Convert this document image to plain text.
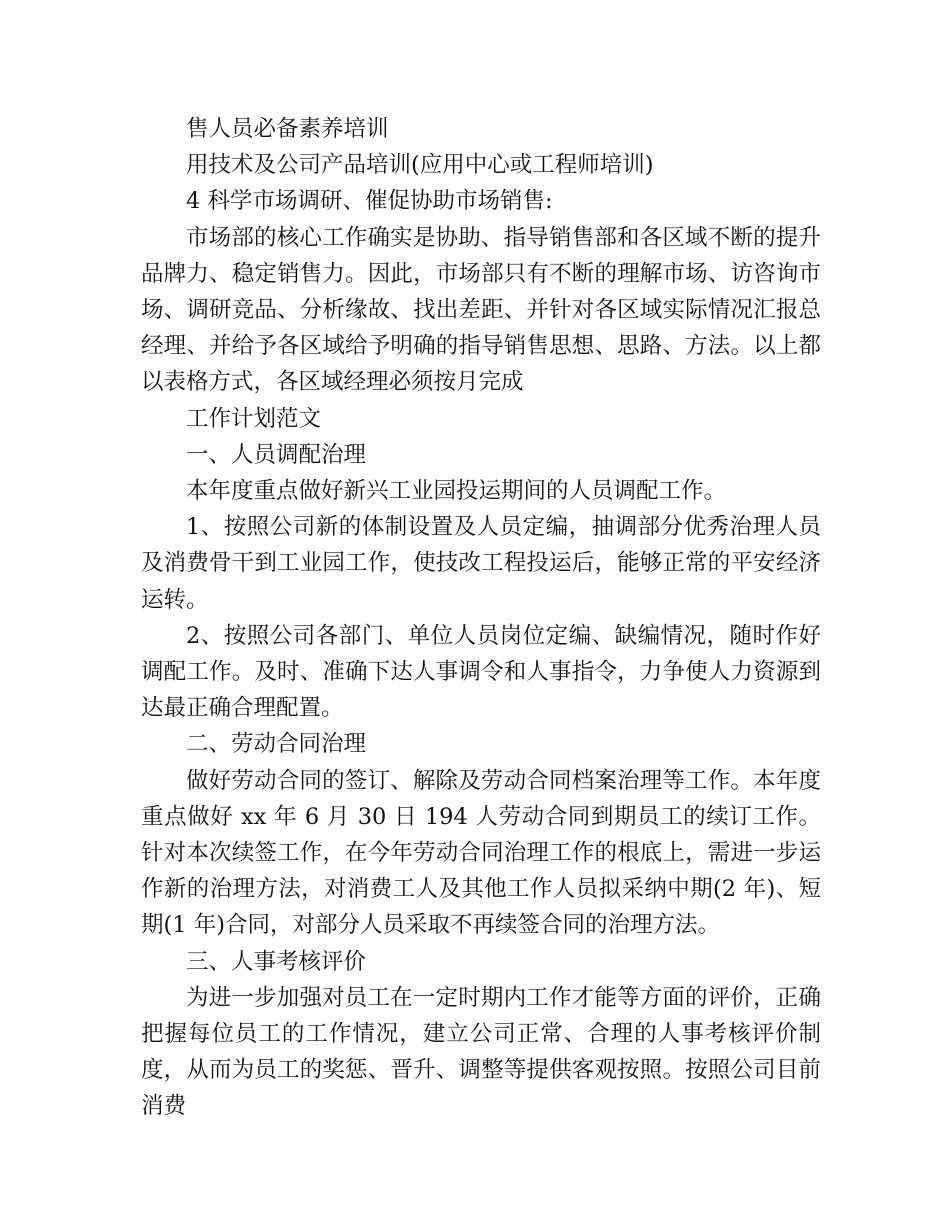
售人员必备素养培训

用技术及公司产品培训(应用中心或工程师培训)

4 科学市场调研、催促协助市场销售:

市场部的核心工作确实是协助、指导销售部和各区域不断的提升品牌力、稳定销售力。因此，市场部只有不断的理解市场、访咨询市场、调研竞品、分析缘故、找出差距、并针对各区域实际情况汇报总经理、并给予各区域给予明确的指导销售思想、思路、方法。以上都以表格方式，各区域经理必须按月完成

工作计划范文

一、人员调配治理

本年度重点做好新兴工业园投运期间的人员调配工作。

1、按照公司新的体制设置及人员定编，抽调部分优秀治理人员及消费骨干到工业园工作，使技改工程投运后，能够正常的平安经济运转。

2、按照公司各部门、单位人员岗位定编、缺编情况，随时作好调配工作。及时、准确下达人事调令和人事指令，力争使人力资源到达最正确合理配置。

二、劳动合同治理

做好劳动合同的签订、解除及劳动合同档案治理等工作。本年度重点做好 xx 年 6 月 30 日 194 人劳动合同到期员工的续订工作。针对本次续签工作，在今年劳动合同治理工作的根底上，需进一步运作新的治理方法，对消费工人及其他工作人员拟采纳中期(2 年)、短期(1 年)合同，对部分人员采取不再续签合同的治理方法。

三、人事考核评价

为进一步加强对员工在一定时期内工作才能等方面的评价，正确把握每位员工的工作情况，建立公司正常、合理的人事考核评价制度，从而为员工的奖惩、晋升、调整等提供客观按照。按照公司目前消费
